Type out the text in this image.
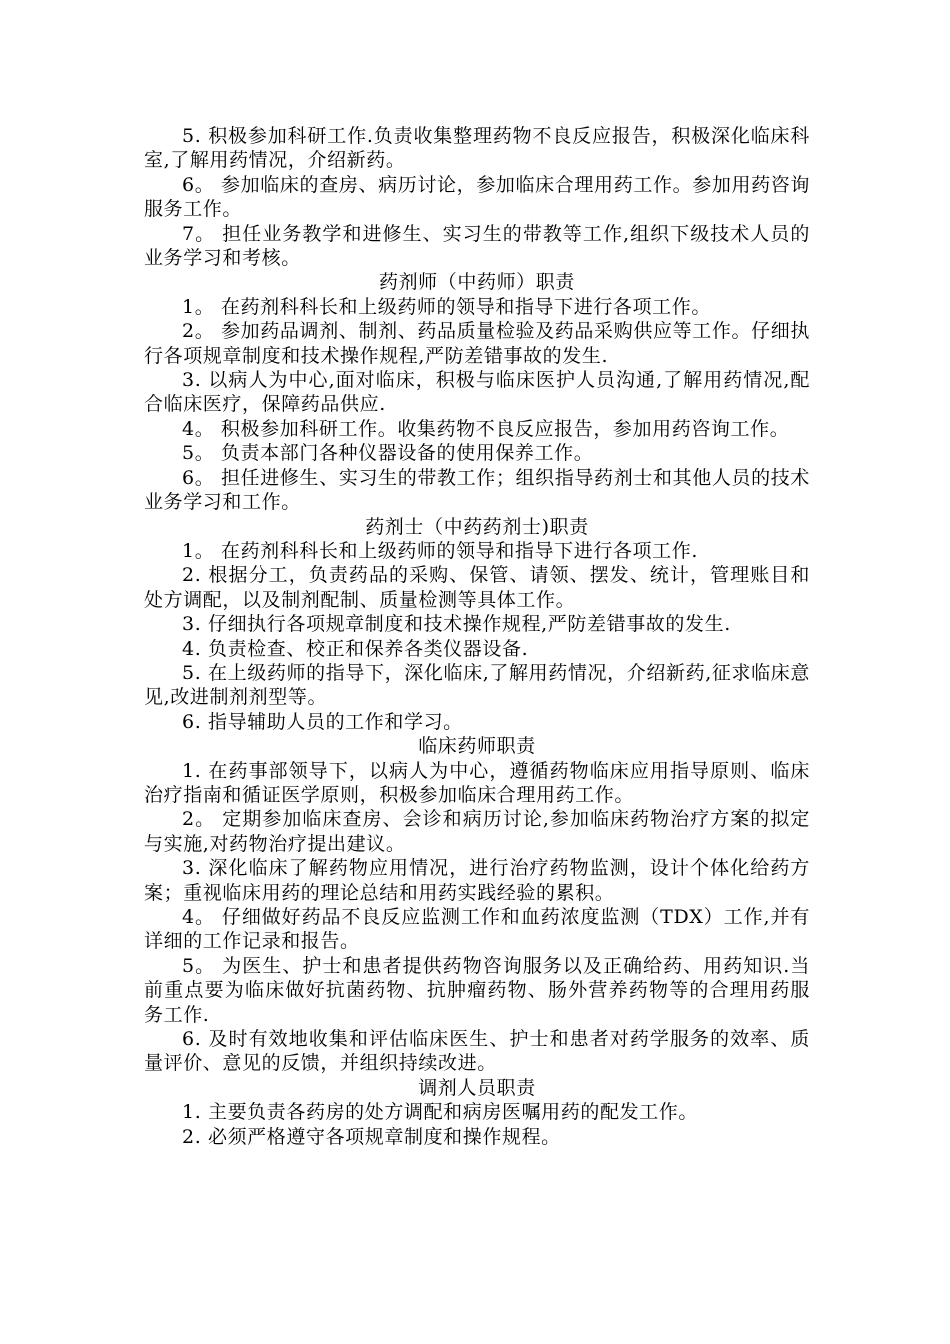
5. 积极参加科研工作.负责收集整理药物不良反应报告，积极深化临床科室,了解用药情况，介绍新药。

6。 参加临床的查房、病历讨论，参加临床合理用药工作。参加用药咨询服务工作。

7。 担任业务教学和进修生、实习生的带教等工作,组织下级技术人员的业务学习和考核。

药剂师（中药师）职责

1。 在药剂科科长和上级药师的领导和指导下进行各项工作。

2。 参加药品调剂、制剂、药品质量检验及药品采购供应等工作。仔细执行各项规章制度和技术操作规程,严防差错事故的发生.

3. 以病人为中心,面对临床，积极与临床医护人员沟通,了解用药情况,配合临床医疗，保障药品供应.

4。 积极参加科研工作。收集药物不良反应报告，参加用药咨询工作。

5。 负责本部门各种仪器设备的使用保养工作。

6。 担任进修生、实习生的带教工作；组织指导药剂士和其他人员的技术业务学习和工作。

药剂士（中药药剂士)职责

1。 在药剂科科长和上级药师的领导和指导下进行各项工作.

2. 根据分工，负责药品的采购、保管、请领、摆发、统计，管理账目和处方调配，以及制剂配制、质量检测等具体工作。

3. 仔细执行各项规章制度和技术操作规程,严防差错事故的发生.

4. 负责检查、校正和保养各类仪器设备.

5. 在上级药师的指导下，深化临床,了解用药情况，介绍新药,征求临床意见,改进制剂剂型等。

6. 指导辅助人员的工作和学习。

临床药师职责

1. 在药事部领导下，以病人为中心，遵循药物临床应用指导原则、临床治疗指南和循证医学原则，积极参加临床合理用药工作。

2。 定期参加临床查房、会诊和病历讨论,参加临床药物治疗方案的拟定与实施,对药物治疗提出建议。

3. 深化临床了解药物应用情况，进行治疗药物监测，设计个体化给药方案；重视临床用药的理论总结和用药实践经验的累积。

4。 仔细做好药品不良反应监测工作和血药浓度监测（TDX）工作,并有详细的工作记录和报告。

5。 为医生、护士和患者提供药物咨询服务以及正确给药、用药知识.当前重点要为临床做好抗菌药物、抗肿瘤药物、肠外营养药物等的合理用药服务工作.

6. 及时有效地收集和评估临床医生、护士和患者对药学服务的效率、质量评价、意见的反馈，并组织持续改进。

调剂人员职责

1. 主要负责各药房的处方调配和病房医嘱用药的配发工作。

2. 必须严格遵守各项规章制度和操作规程。
